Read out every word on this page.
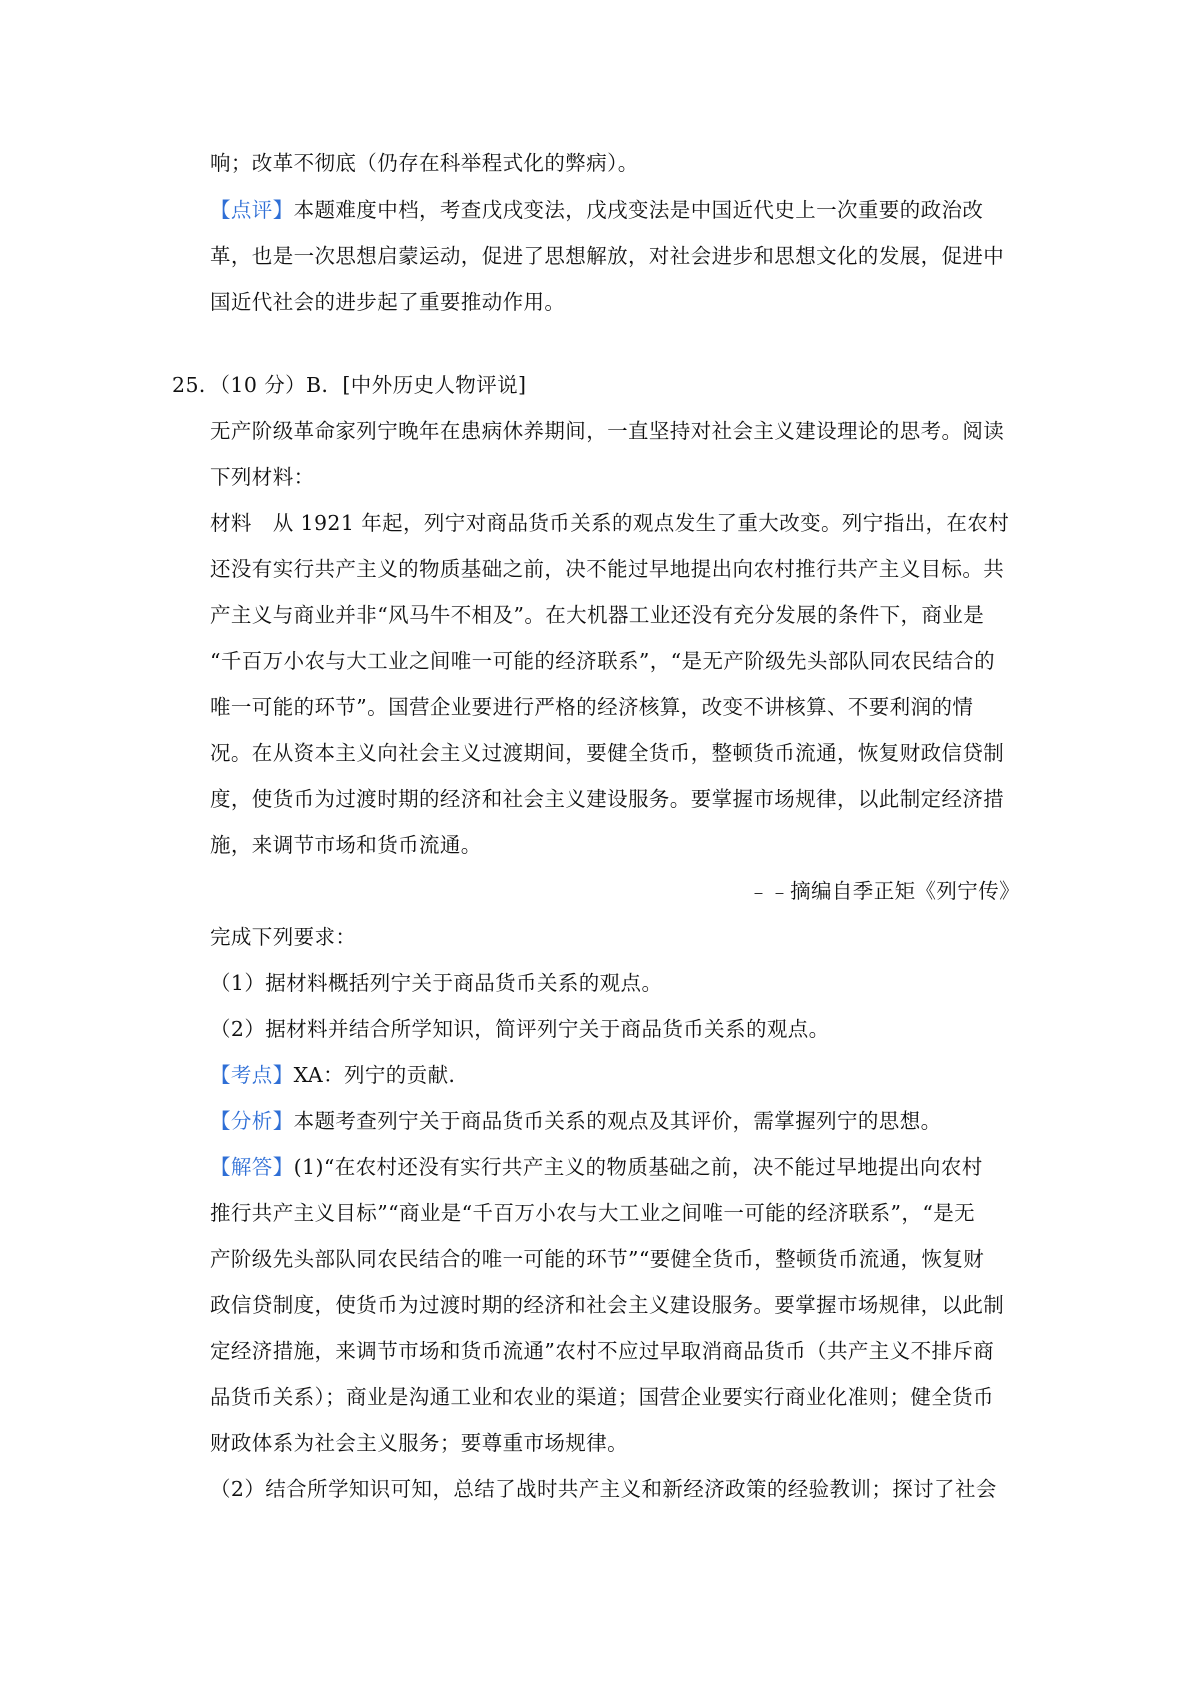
响；改革不彻底（仍存在科举程式化的弊病）。
【点评】本题难度中档，考查戊戌变法，戊戌变法是中国近代史上一次重要的政治改
革，也是一次思想启蒙运动，促进了思想解放，对社会进步和思想文化的发展，促进中
国近代社会的进步起了重要推动作用。
25．（10 分）B．[中外历史人物评说]
无产阶级革命家列宁晚年在患病休养期间，一直坚持对社会主义建设理论的思考。阅读
下列材料：
材料　从 1921 年起，列宁对商品货币关系的观点发生了重大改变。列宁指出，在农村
还没有实行共产主义的物质基础之前，决不能过早地提出向农村推行共产主义目标。共
产主义与商业并非“风马牛不相及”。在大机器工业还没有充分发展的条件下，商业是
“千百万小农与大工业之间唯一可能的经济联系”，“是无产阶级先头部队同农民结合的
唯一可能的环节”。国营企业要进行严格的经济核算，改变不讲核算、不要利润的情
况。在从资本主义向社会主义过渡期间，要健全货币，整顿货币流通，恢复财政信贷制
度，使货币为过渡时期的经济和社会主义建设服务。要掌握市场规律，以此制定经济措
施，来调节市场和货币流通。
﹣﹣摘编自季正矩《列宁传》
完成下列要求：
（1）据材料概括列宁关于商品货币关系的观点。
（2）据材料并结合所学知识，简评列宁关于商品货币关系的观点。
【考点】XA：列宁的贡献．
【分析】本题考查列宁关于商品货币关系的观点及其评价，需掌握列宁的思想。
【解答】(1)“在农村还没有实行共产主义的物质基础之前，决不能过早地提出向农村
推行共产主义目标”“商业是“千百万小农与大工业之间唯一可能的经济联系”，“是无
产阶级先头部队同农民结合的唯一可能的环节”“要健全货币，整顿货币流通，恢复财
政信贷制度，使货币为过渡时期的经济和社会主义建设服务。要掌握市场规律，以此制
定经济措施，来调节市场和货币流通”农村不应过早取消商品货币（共产主义不排斥商
品货币关系）；商业是沟通工业和农业的渠道；国营企业要实行商业化准则；健全货币
财政体系为社会主义服务；要尊重市场规律。
（2）结合所学知识可知，总结了战时共产主义和新经济政策的经验教训；探讨了社会
